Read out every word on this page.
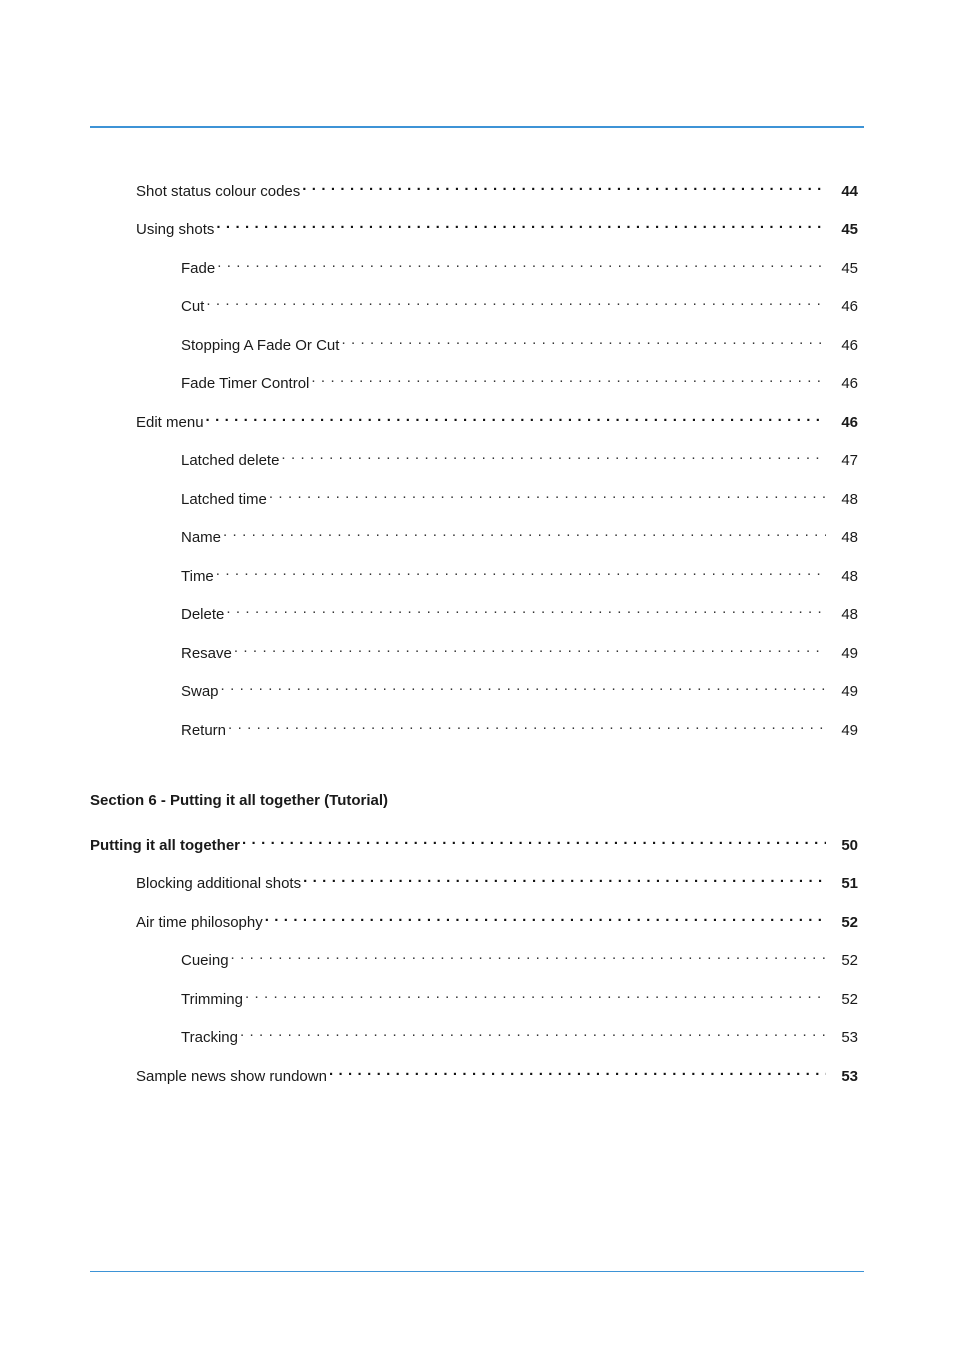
Shot status colour codes . . .	44
Using shots . . .	45
Fade . . .	45
Cut . . .	46
Stopping A Fade Or Cut . . .	46
Fade Timer Control . . .	46
Edit menu . . .	46
Latched delete . . .	47
Latched time . . .	48
Name . . .	48
Time . . .	48
Delete . . .	48
Resave . . .	49
Swap . . .	49
Return . . .	49
Section 6 - Putting it all together (Tutorial)
Putting it all together . . .	50
Blocking additional shots . . .	51
Air time philosophy . . .	52
Cueing . . .	52
Trimming . . .	52
Tracking . . .	53
Sample news show rundown . . .	53
